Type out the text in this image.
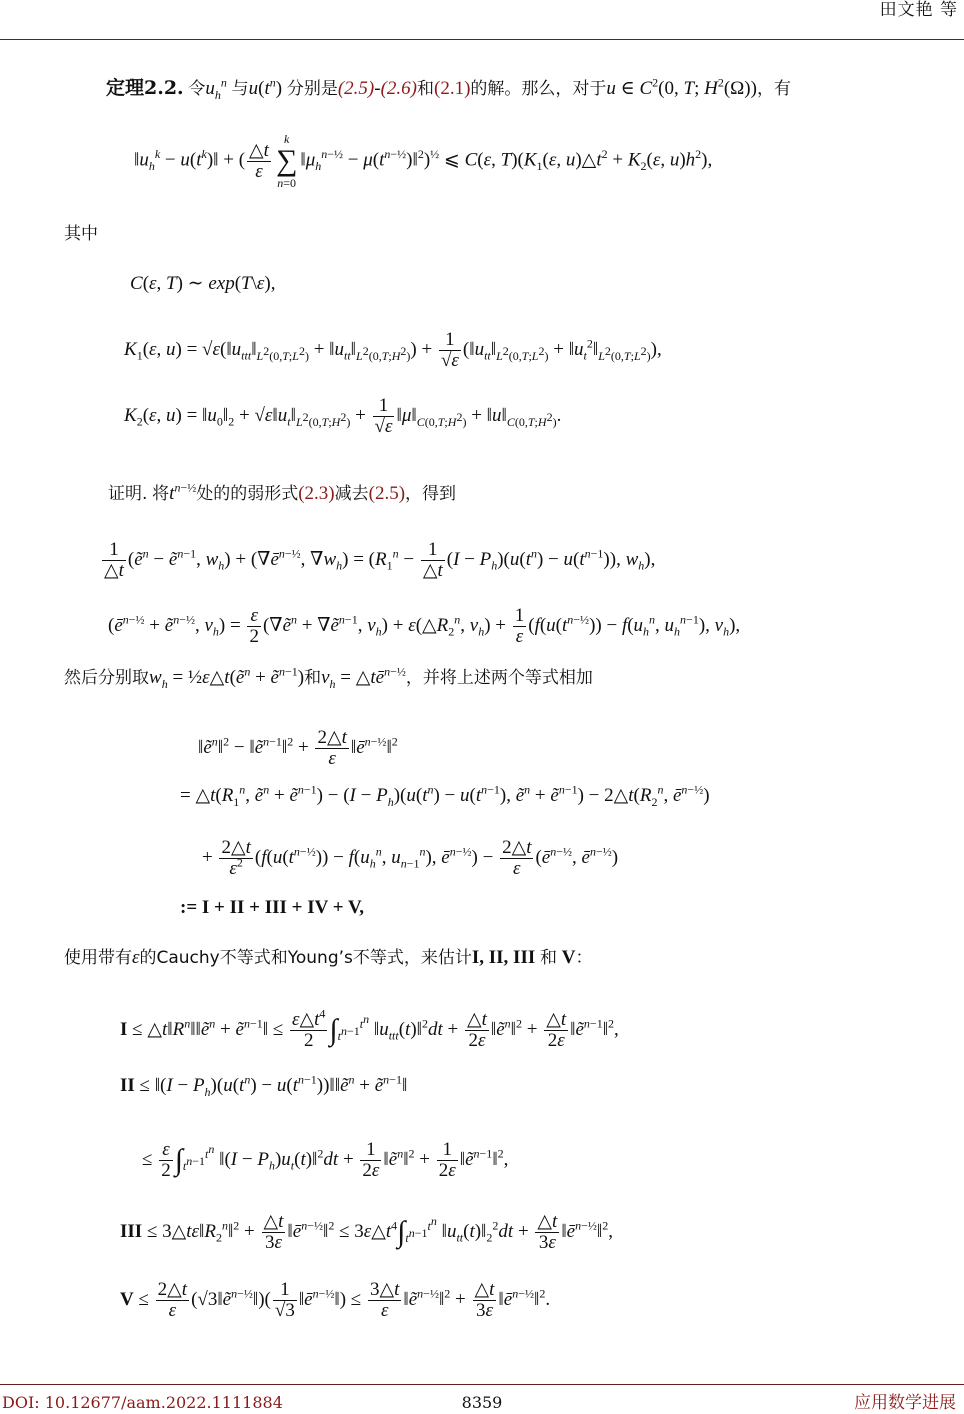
田文艳 等
定理2.2. 令$u_h^n$ 与$u(t^n)$ 分别是(2.5)-(2.6)和(2.1)的解。那么，对于u ∈ $C^2(0$, T; $H^2(\Omega)$)，有
$‖u_h^k$ − $u(t^k)‖$ + ( $\frac{\triangle t}{\varepsilon}$
k
∑
$n=0‖\mu_h^{n-\frac{1}{2}}$ − $\mu(t^{n-\frac{1}{2}})‖^2)^{\frac{1}{2}}$ ⩽ C(ε, $T)(K_1(\varepsilon$, $u)\triangle t^2 + K_2(\varepsilon$, $u)h^2$),
其中
C(ε, T) ∼ exp(T\ε),
$K_1(\varepsilon$, $u) = √\varepsilon(‖u_{ttt}‖_{L^2(0,T;L^2)}$ + $‖u_{tt}‖_{L^2(0,T;H^2)}) + \frac{1}{√\varepsilon}$ ($‖u_{tt}‖_{L^2(0,T;L^2)}$ + $‖u_t^2‖_{L^2(0,T;L^2)}$),
$K_2(\varepsilon$, $u) = ‖u_0‖_2$ + $√\varepsilon‖u_t‖_{L^2(0,T;H^2)} + \frac{1}{√\varepsilon}$ $‖\mu‖_{C(0,T;H^2)}$ + $‖u‖_{C(0,T;H^2)}$.
证明. 将$t^{n-\frac{1}{2}}$处的的弱形式(2.3)减去(2.5)，得到
$\frac{1}{\triangle t}$ (ẽ$^n$ − ẽ$^{n-1}$, $w_h$) + ($\nabla ē^{n-\frac{1}{2}}$, $\nabla w_h) = (R_1^n - \frac{1}{\triangle t} (I - P_h)(u(t^n) - u(t^{n-1}))$, $w_h$),
($ē^{n-\frac{1}{2}}$ + ẽ$^{n-\frac{1}{2}}$, $v_h) = \frac{\varepsilon}{2}$ (∇ẽ$^n$ + ∇ẽ$^{n-1}$, $v_h$) + $\varepsilon(\triangle R_2^n$, $v_h) + \frac{1}{\varepsilon} (f(u(t^{n-\frac{1}{2}})) - f(u_h^n$, $u_h^{n-1}$), $v_h$),
然后分别取$w_h$ = ½ε△t(ẽ$^n$ + ẽ$^{n-1}$)和$v_h$ = $\triangle tē^{n-\frac{1}{2}}$，并将上述两个等式相加
‖ẽ$^n$‖$^2$ − ‖ẽ$^{n-1}$‖$^2$ + $\frac{2\triangle t}{\varepsilon}$ $‖ē^{n-\frac{1}{2}}‖^2$
= $\triangle t(R_1^n$, ẽ$^n$ + ẽ$^{n-1}$) − $(I - P_h)(u(t^n) - u(t^{n-1})$, ẽ$^n$ + ẽ$^{n-1}$) − $2\triangle t(R_2^n$, $ē^{n-\frac{1}{2}}$)
+ $\frac{2\triangle t}{\varepsilon^2} (f(u(t^{n-\frac{1}{2}})) - f(u_h^n$, $u_{n-1}^n$), $ē^{n-\frac{1}{2}}) - \frac{2\triangle t}{\varepsilon}$ ($ē^{n-\frac{1}{2}}$, $ē^{n-\frac{1}{2}}$)
:= I + II + III + IV + V,
使用带有ε的Cauchy不等式和Young’s不等式，来估计I, II, III 和 V：
$I \le \triangle t‖R^n‖‖ẽ^n$ + ẽ$^{n-1}$‖ ≤ $\frac{\varepsilon\triangle t^4}{2} \int_{t^{n-1}}^{t^n}$ $‖u_{ttt}(t)‖^2dt + \frac{\triangle t}{2\varepsilon}$ ‖ẽ$^n$‖$^2$ + $\frac{\triangle t}{2\varepsilon}$ ‖ẽ$^{n-1}$‖$^2$,
II ≤ ‖(I − $P_h)(u(t^n)$ − $u(t^{n-1}))‖‖ẽ^n$ + ẽ$^{n-1}$‖
≤ $\frac{\varepsilon}{2} \int_{t^{n-1}}^{t^n}$ ‖(I − $P_h)u_t(t)‖^2dt + \frac{1}{2\varepsilon}$ ‖ẽ$^n$‖$^2$ + $\frac{1}{2\varepsilon}$ ‖ẽ$^{n-1}$‖$^2$,
III ≤ $3\triangle t\varepsilon‖R_2^n‖^2 + \frac{\triangle t}{3\varepsilon}$ $‖ē^{n-\frac{1}{2}}‖^2$ ≤ $3\varepsilon\triangle t^4\int_{t^{n-1}}^{t^n}$ $‖u_{tt}(t)‖_2^2dt + \frac{\triangle t}{3\varepsilon}$ $‖ē^{n-\frac{1}{2}}‖^2$,
$V \le \frac{2\triangle t}{\varepsilon}$ (√3‖ẽ$^{n-\frac{1}{2}}$‖)( $\frac{1}{√3}$ $‖ē^{n-\frac{1}{2}}‖) \le \frac{3\triangle t}{\varepsilon}$ ‖ẽ$^{n-\frac{1}{2}}$‖$^2$ + $\frac{\triangle t}{3\varepsilon}$ $‖ē^{n-\frac{1}{2}}‖^2$.
DOI: 10.12677/aam.2022.1111884	8359	应用数学进展
